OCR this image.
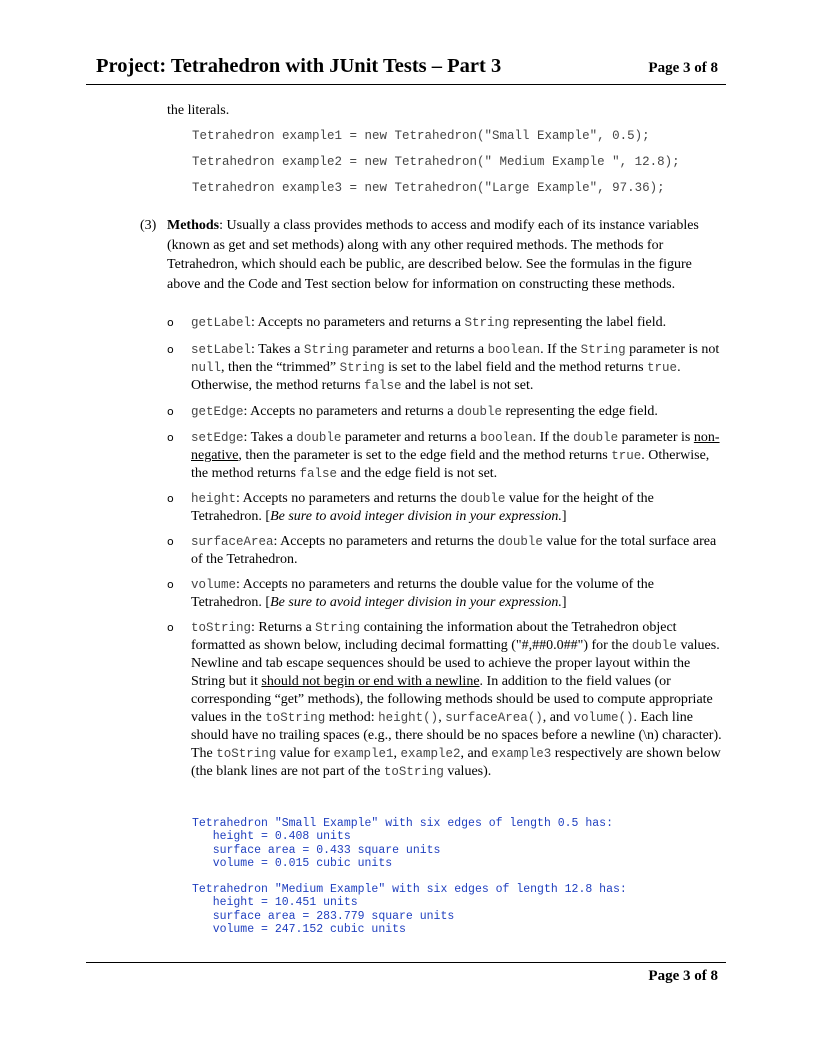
Project: Tetrahedron with JUnit Tests – Part 3	Page 3 of 8
the literals.
Tetrahedron example1 = new Tetrahedron("Small Example", 0.5);
Tetrahedron example2 = new Tetrahedron(" Medium Example ", 12.8);
Tetrahedron example3 = new Tetrahedron("Large Example", 97.36);
(3) Methods: Usually a class provides methods to access and modify each of its instance variables (known as get and set methods) along with any other required methods. The methods for Tetrahedron, which should each be public, are described below. See the formulas in the figure above and the Code and Test section below for information on constructing these methods.
o getLabel: Accepts no parameters and returns a String representing the label field.
o setLabel: Takes a String parameter and returns a boolean. If the String parameter is not null, then the “trimmed” String is set to the label field and the method returns true. Otherwise, the method returns false and the label is not set.
o getEdge: Accepts no parameters and returns a double representing the edge field.
o setEdge: Takes a double parameter and returns a boolean. If the double parameter is non-negative, then the parameter is set to the edge field and the method returns true. Otherwise, the method returns false and the edge field is not set.
o height: Accepts no parameters and returns the double value for the height of the Tetrahedron. [Be sure to avoid integer division in your expression.]
o surfaceArea: Accepts no parameters and returns the double value for the total surface area of the Tetrahedron.
o volume: Accepts no parameters and returns the double value for the volume of the Tetrahedron. [Be sure to avoid integer division in your expression.]
o toString: Returns a String containing the information about the Tetrahedron object formatted as shown below, including decimal formatting ("#,##0.0##") for the double values. Newline and tab escape sequences should be used to achieve the proper layout within the String but it should not begin or end with a newline. In addition to the field values (or corresponding “get” methods), the following methods should be used to compute appropriate values in the toString method: height(), surfaceArea(), and volume(). Each line should have no trailing spaces (e.g., there should be no spaces before a newline (\n) character). The toString value for example1, example2, and example3 respectively are shown below (the blank lines are not part of the toString values).
Tetrahedron "Small Example" with six edges of length 0.5 has:
height = 0.408 units
surface area = 0.433 square units
volume = 0.015 cubic units
Tetrahedron "Medium Example" with six edges of length 12.8 has:
height = 10.451 units
surface area = 283.779 square units
volume = 247.152 cubic units
Page 3 of 8
